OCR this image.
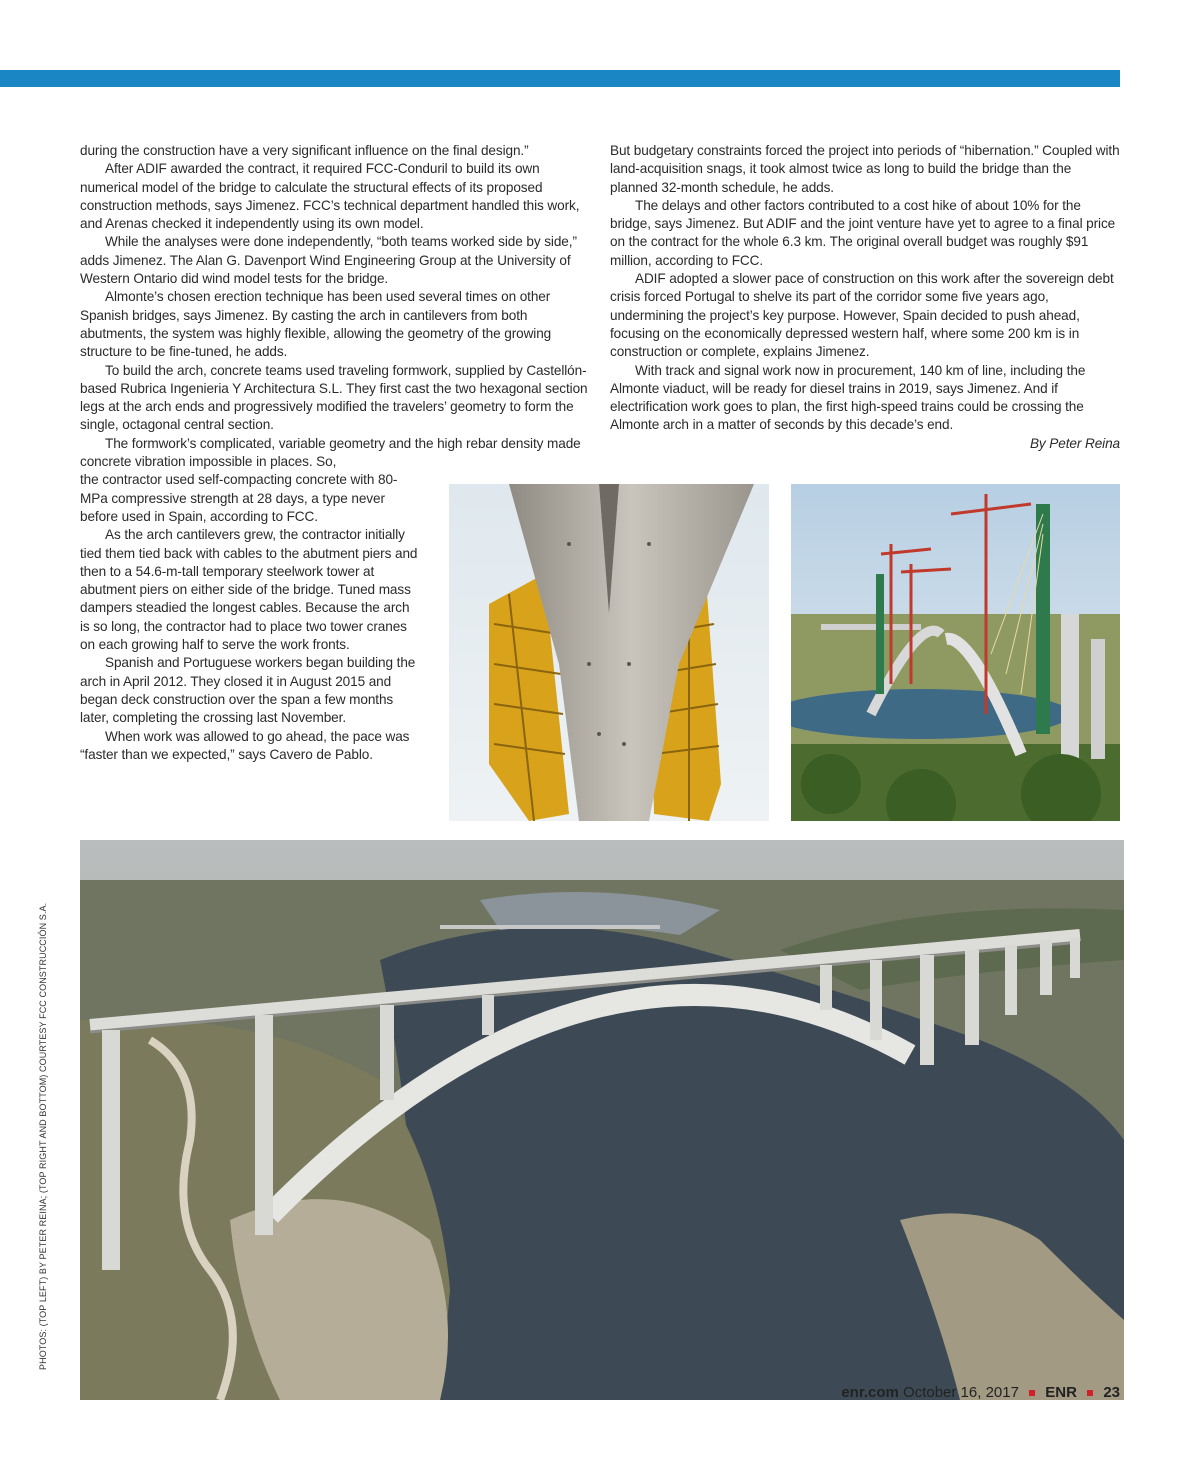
during the construction have a very significant influence on the final design.”

After ADIF awarded the contract, it required FCC-Conduril to build its own numerical model of the bridge to calculate the structural effects of its proposed construction methods, says Jimenez. FCC’s technical department handled this work, and Arenas checked it independently using its own model.

While the analyses were done independently, “both teams worked side by side,” adds Jimenez. The Alan G. Davenport Wind Engineering Group at the University of Western Ontario did wind model tests for the bridge.

Almonte’s chosen erection technique has been used several times on other Spanish bridges, says Jimenez. By casting the arch in cantilevers from both abutments, the system was highly flexible, allowing the geometry of the growing structure to be fine-tuned, he adds.

To build the arch, concrete teams used traveling formwork, supplied by Castellón-based Rubrica Ingenieria Y Architectura S.L. They first cast the two hexagonal section legs at the arch ends and progressively modified the travelers’ geometry to form the single, octagonal central section.

The formwork’s complicated, variable geometry and the high rebar density made concrete vibration impossible in places. So,

the contractor used self-compacting concrete with 80-MPa compressive strength at 28 days, a type never before used in Spain, according to FCC.

As the arch cantilevers grew, the contractor initially tied them tied back with cables to the abutment piers and then to a 54.6-m-tall temporary steelwork tower at abutment piers on either side of the bridge. Tuned mass dampers steadied the longest cables. Because the arch is so long, the contractor had to place two tower cranes on each growing half to serve the work fronts.

Spanish and Portuguese workers began building the arch in April 2012. They closed it in August 2015 and began deck construction over the span a few months later, completing the crossing last November.

When work was allowed to go ahead, the pace was “faster than we expected,” says Cavero de Pablo.

But budgetary constraints forced the project into periods of “hibernation.” Coupled with land-acquisition snags, it took almost twice as long to build the bridge than the planned 32-month schedule, he adds.

The delays and other factors contributed to a cost hike of about 10% for the bridge, says Jimenez. But ADIF and the joint venture have yet to agree to a final price on the contract for the whole 6.3 km. The original overall budget was roughly $91 million, according to FCC.

ADIF adopted a slower pace of construction on this work after the sovereign debt crisis forced Portugal to shelve its part of the corridor some five years ago, undermining the project’s key purpose. However, Spain decided to push ahead, focusing on the economically depressed western half, where some 200 km is in construction or complete, explains Jimenez.

With track and signal work now in procurement, 140 km of line, including the Almonte viaduct, will be ready for diesel trains in 2019, says Jimenez. And if electrification work goes to plan, the first high-speed trains could be crossing the Almonte arch in a matter of seconds by this decade’s end.

By Peter Reina

PHOTOS: (TOP LEFT) BY PETER REINA; (TOP RIGHT AND BOTTOM) COURTESY FCC CONSTRUCCIÓN S.A.
enr.com October 16, 2017 ENR 23
